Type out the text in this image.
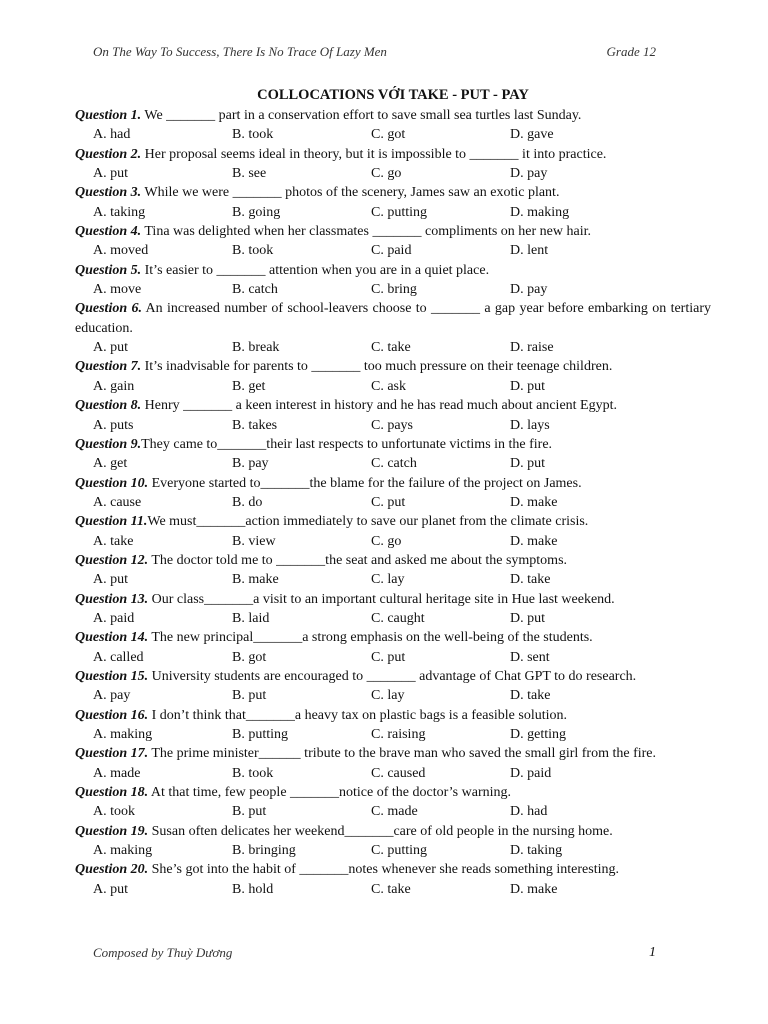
On The Way To Success, There Is No Trace Of Lazy Men	Grade 12
COLLOCATIONS VỚI TAKE - PUT - PAY
Question 1. We _______ part in a conservation effort to save small sea turtles last Sunday.
A. had	B. took	C. got	D. gave
Question 2. Her proposal seems ideal in theory, but it is impossible to _______ it into practice.
A. put	B. see	C. go	D. pay
Question 3. While we were _______ photos of the scenery, James saw an exotic plant.
A. taking	B. going	C. putting	D. making
Question 4. Tina was delighted when her classmates _______ compliments on her new hair.
A. moved	B. took	C. paid	D. lent
Question 5. It’s easier to _______ attention when you are in a quiet place.
A. move	B. catch	C. bring	D. pay
Question 6. An increased number of school-leavers choose to _______ a gap year before embarking on tertiary education.
A. put	B. break	C. take	D. raise
Question 7. It’s inadvisable for parents to _______ too much pressure on their teenage children.
A. gain	B. get	C. ask	D. put
Question 8. Henry _______ a keen interest in history and he has read much about ancient Egypt.
A. puts	B. takes	C. pays	D. lays
Question 9.They came to_______their last respects to unfortunate victims in the fire.
A. get	B. pay	C. catch	D. put
Question 10. Everyone started to_______the blame for the failure of the project on James.
A. cause	B. do	C. put	D. make
Question 11.We must_______action immediately to save our planet from the climate crisis.
A. take	B. view	C. go	D. make
Question 12. The doctor told me to _______the seat and asked me about the symptoms.
A. put	B. make	C. lay	D. take
Question 13. Our class_______a visit to an important cultural heritage site in Hue last weekend.
A. paid	B. laid	C. caught	D. put
Question 14. The new principal_______a strong emphasis on the well-being of the students.
A. called	B. got	C. put	D. sent
Question 15. University students are encouraged to _______ advantage of Chat GPT to do research.
A. pay	B. put	C. lay	D. take
Question 16. I don’t think that_______a heavy tax on plastic bags is a feasible solution.
A. making	B. putting	C. raising	D. getting
Question 17. The prime minister______ tribute to the brave man who saved the small girl from the fire.
A. made	B. took	C. caused	D. paid
Question 18. At that time, few people _______notice of the doctor’s warning.
A. took	B. put	C. made	D. had
Question 19. Susan often delicates her weekend_______care of old people in the nursing home.
A. making	B. bringing	C. putting	D. taking
Question 20. She’s got into the habit of _______notes whenever she reads something interesting.
A. put	B. hold	C. take	D. make
Composed by Thuỳ Dương	1
